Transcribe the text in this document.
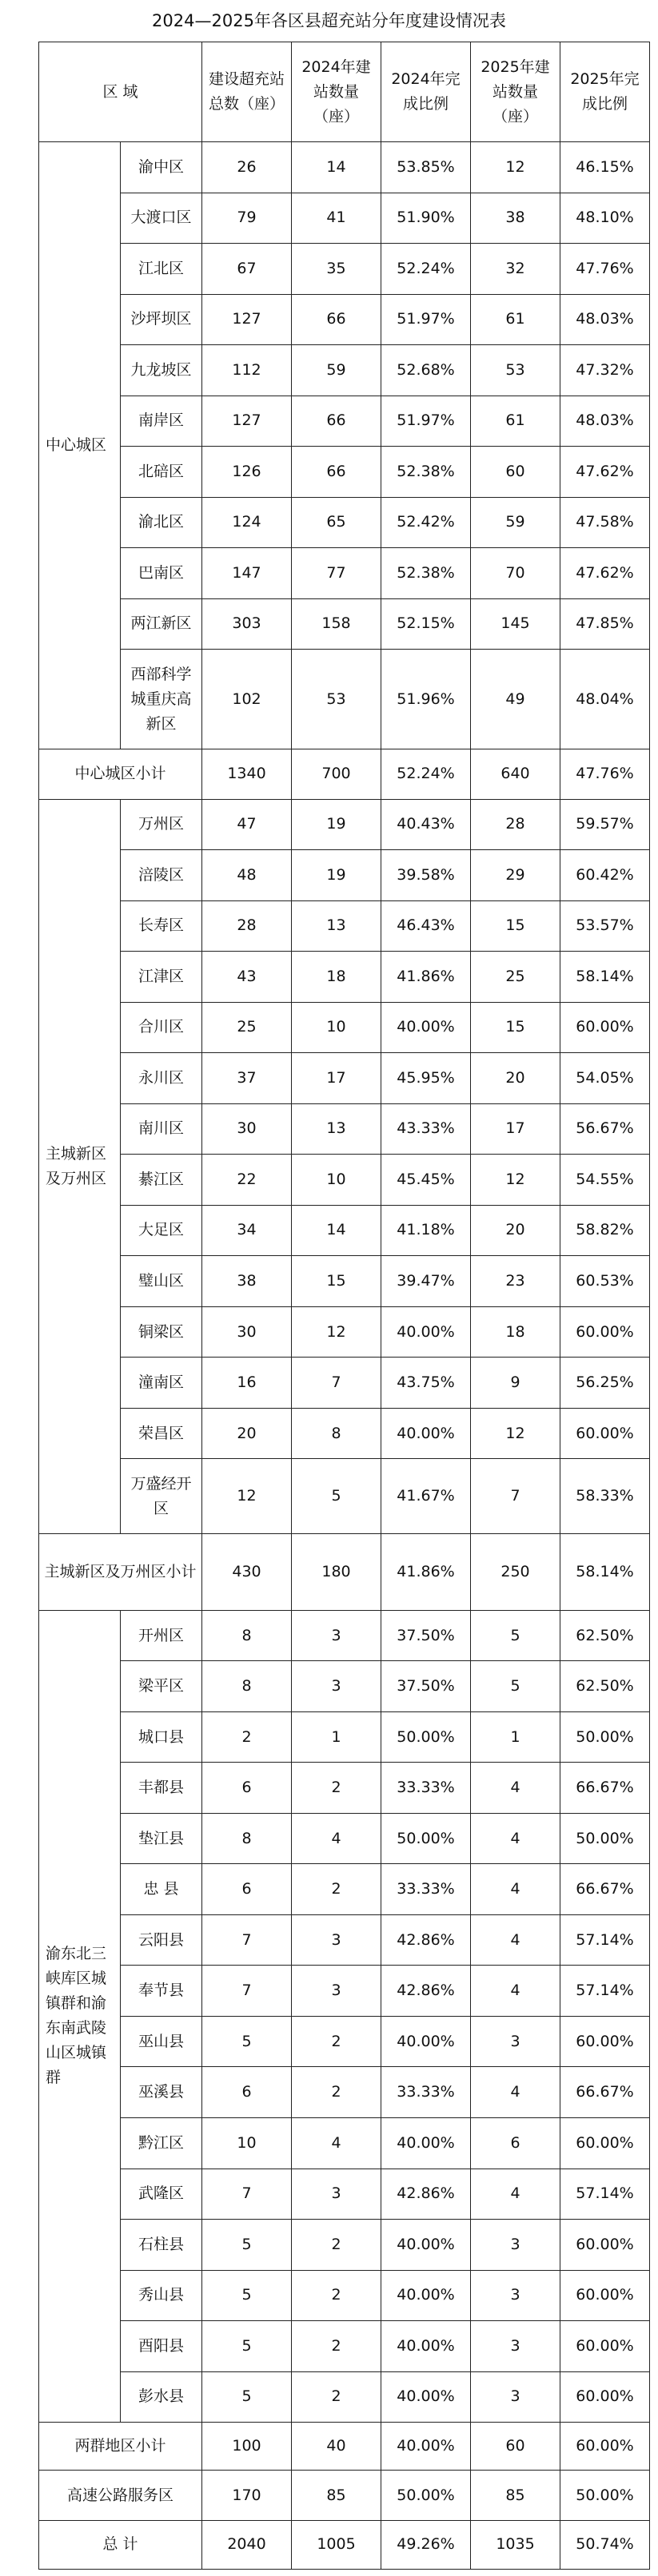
2024—2025年各区县超充站分年度建设情况表
区 域		建设超充站总数（座）	2024年建站数量（座）	2024年完成比例	2025年建站数量（座）	2025年完成比例
中心城区	渝中区	26	14	53.85%	12	46.15%
	大渡口区	79	41	51.90%	38	48.10%
	江北区	67	35	52.24%	32	47.76%
	沙坪坝区	127	66	51.97%	61	48.03%
	九龙坡区	112	59	52.68%	53	47.32%
	南岸区	127	66	51.97%	61	48.03%
	北碚区	126	66	52.38%	60	47.62%
	渝北区	124	65	52.42%	59	47.58%
	巴南区	147	77	52.38%	70	47.62%
	两江新区	303	158	52.15%	145	47.85%
	西部科学城重庆高新区	102	53	51.96%	49	48.04%
中心城区小计		1340	700	52.24%	640	47.76%
主城新区及万州区	万州区	47	19	40.43%	28	59.57%
	涪陵区	48	19	39.58%	29	60.42%
	长寿区	28	13	46.43%	15	53.57%
	江津区	43	18	41.86%	25	58.14%
	合川区	25	10	40.00%	15	60.00%
	永川区	37	17	45.95%	20	54.05%
	南川区	30	13	43.33%	17	56.67%
	綦江区	22	10	45.45%	12	54.55%
	大足区	34	14	41.18%	20	58.82%
	璧山区	38	15	39.47%	23	60.53%
	铜梁区	30	12	40.00%	18	60.00%
	潼南区	16	7	43.75%	9	56.25%
	荣昌区	20	8	40.00%	12	60.00%
	万盛经开区	12	5	41.67%	7	58.33%
主城新区及万州区小计		430	180	41.86%	250	58.14%
渝东北三峡库区城镇群和渝东南武陵山区城镇群	开州区	8	3	37.50%	5	62.50%
	梁平区	8	3	37.50%	5	62.50%
	城口县	2	1	50.00%	1	50.00%
	丰都县	6	2	33.33%	4	66.67%
	垫江县	8	4	50.00%	4	50.00%
	忠 县	6	2	33.33%	4	66.67%
	云阳县	7	3	42.86%	4	57.14%
	奉节县	7	3	42.86%	4	57.14%
	巫山县	5	2	40.00%	3	60.00%
	巫溪县	6	2	33.33%	4	66.67%
	黔江区	10	4	40.00%	6	60.00%
	武隆区	7	3	42.86%	4	57.14%
	石柱县	5	2	40.00%	3	60.00%
	秀山县	5	2	40.00%	3	60.00%
	酉阳县	5	2	40.00%	3	60.00%
	彭水县	5	2	40.00%	3	60.00%
两群地区小计		100	40	40.00%	60	60.00%
高速公路服务区		170	85	50.00%	85	50.00%
总 计		2040	1005	49.26%	1035	50.74%
